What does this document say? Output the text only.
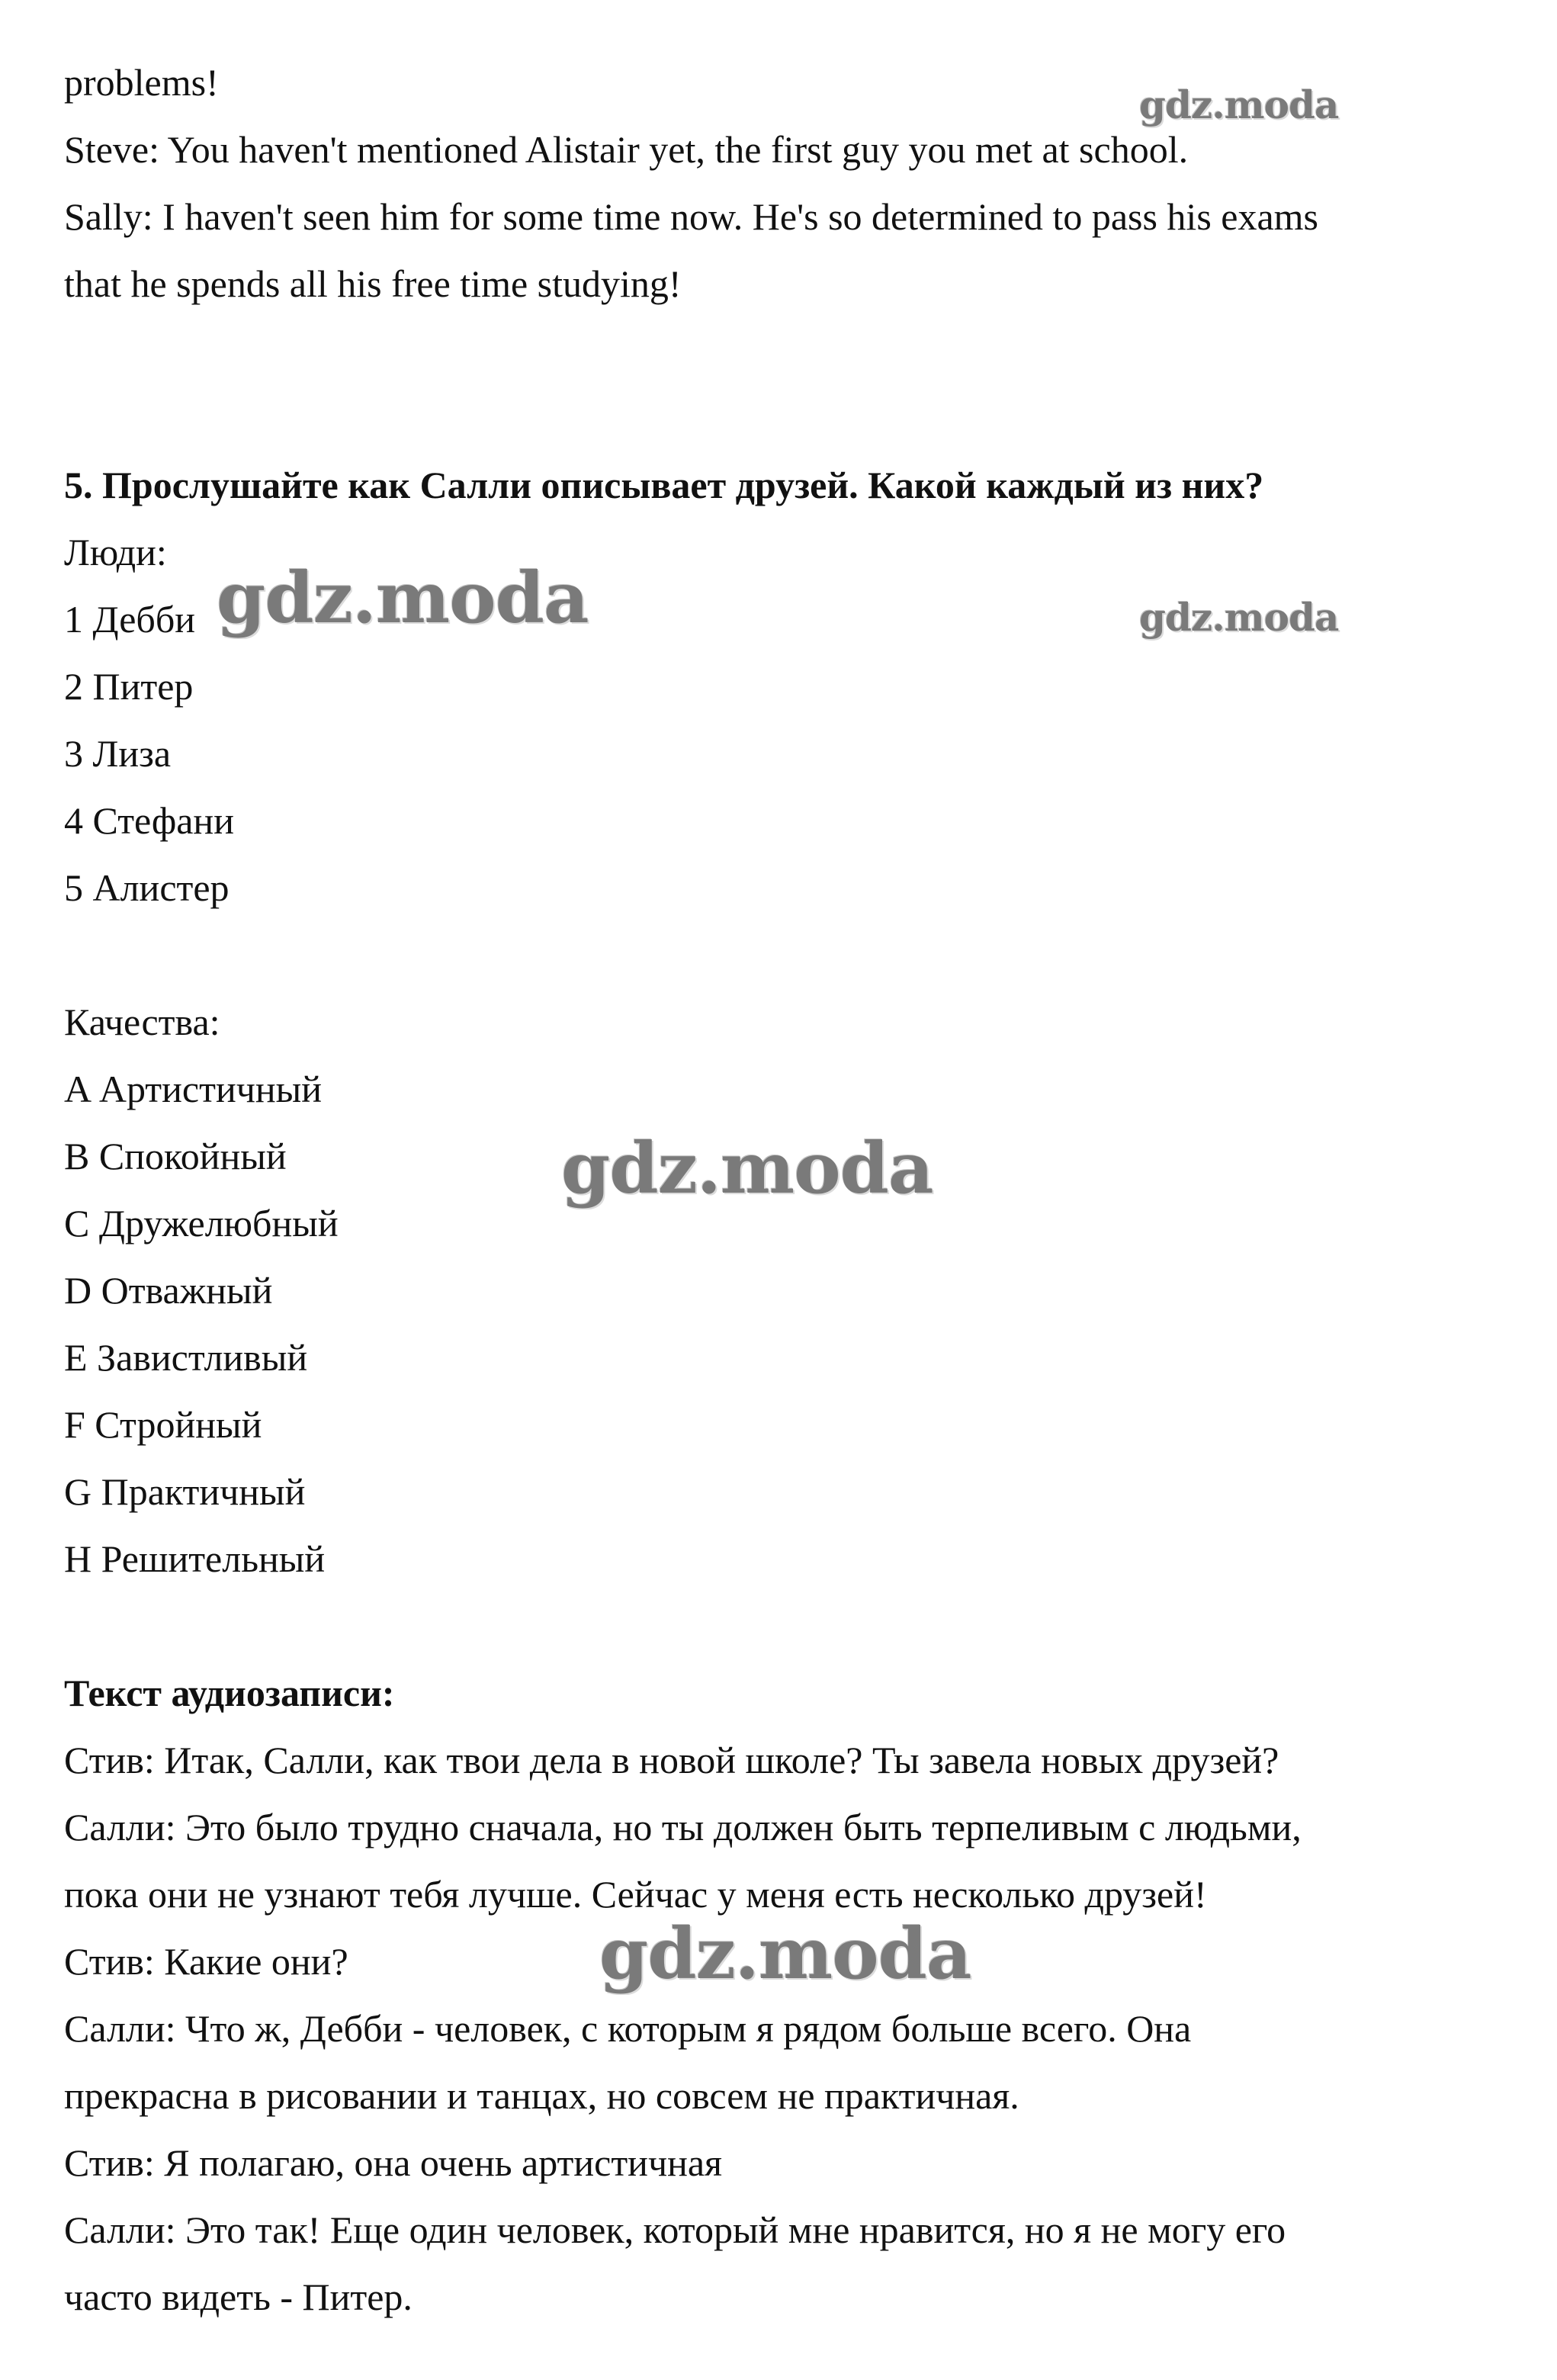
problems!
Steve: You haven't mentioned Alistair yet, the first guy you met at school.
Sally: I haven't seen him for some time now. He's so determined to pass his exams
that he spends all his free time studying!
5. Прослушайте как Салли описывает друзей. Какой каждый из них?
Люди:
1 Дебби
2 Питер
3 Лиза
4 Стефани
5 Алистер
Качества:
A Артистичный
B Спокойный
C Дружелюбный
D Отважный
E Завистливый
F Стройный
G Практичный
H Решительный
Текст аудиозаписи:
Стив: Итак, Салли, как твои дела в новой школе? Ты завела новых друзей?
Салли: Это было трудно сначала, но ты должен быть терпеливым с людьми,
пока они не узнают тебя лучше. Сейчас у меня есть несколько друзей!
Стив: Какие они?
Салли: Что ж, Дебби - человек, с которым я рядом больше всего. Она
прекрасна в рисовании и танцах, но совсем не практичная.
Стив: Я полагаю, она очень артистичная
Салли: Это так! Еще один человек, который мне нравится, но я не могу его
часто видеть - Питер.
gdz.moda
gdz.moda	gdz.moda
gdz.moda
gdz.moda
